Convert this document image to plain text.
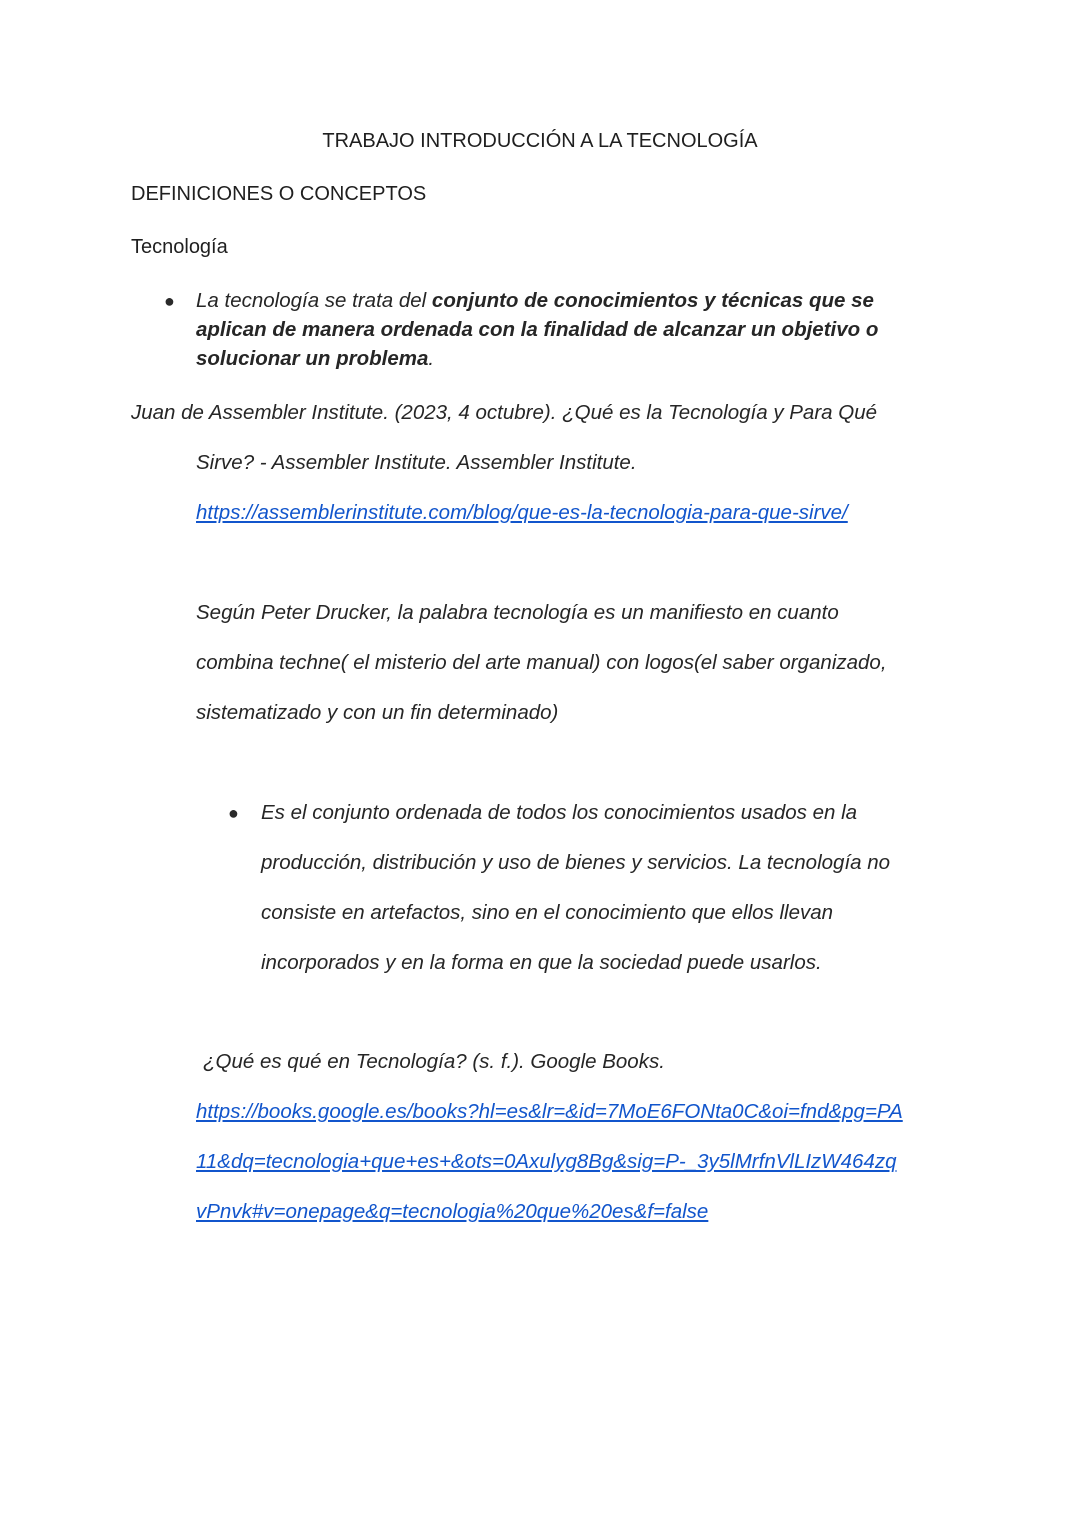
TRABAJO INTRODUCCIÓN A LA TECNOLOGÍA
DEFINICIONES O CONCEPTOS
Tecnología
● La tecnología se trata del conjunto de conocimientos y técnicas que se
aplican de manera ordenada con la finalidad de alcanzar un objetivo o
solucionar un problema.
Juan de Assembler Institute. (2023, 4 octubre). ¿Qué es la Tecnología y Para Qué
Sirve? - Assembler Institute. Assembler Institute.
https://assemblerinstitute.com/blog/que-es-la-tecnologia-para-que-sirve/
Según Peter Drucker, la palabra tecnología es un manifiesto en cuanto
combina techne( el misterio del arte manual) con logos(el saber organizado,
sistematizado y con un fin determinado)
● Es el conjunto ordenada de todos los conocimientos usados en la
producción, distribución y uso de bienes y servicios. La tecnología no
consiste en artefactos, sino en el conocimiento que ellos llevan
incorporados y en la forma en que la sociedad puede usarlos.
¿Qué es qué en Tecnología? (s. f.). Google Books.
https://books.google.es/books?hl=es&lr=&id=7MoE6FONta0C&oi=fnd&pg=PA
11&dq=tecnologia+que+es+&ots=0Axulyg8Bg&sig=P-_3y5lMrfnVlLIzW464zq
vPnvk#v=onepage&q=tecnologia%20que%20es&f=false
